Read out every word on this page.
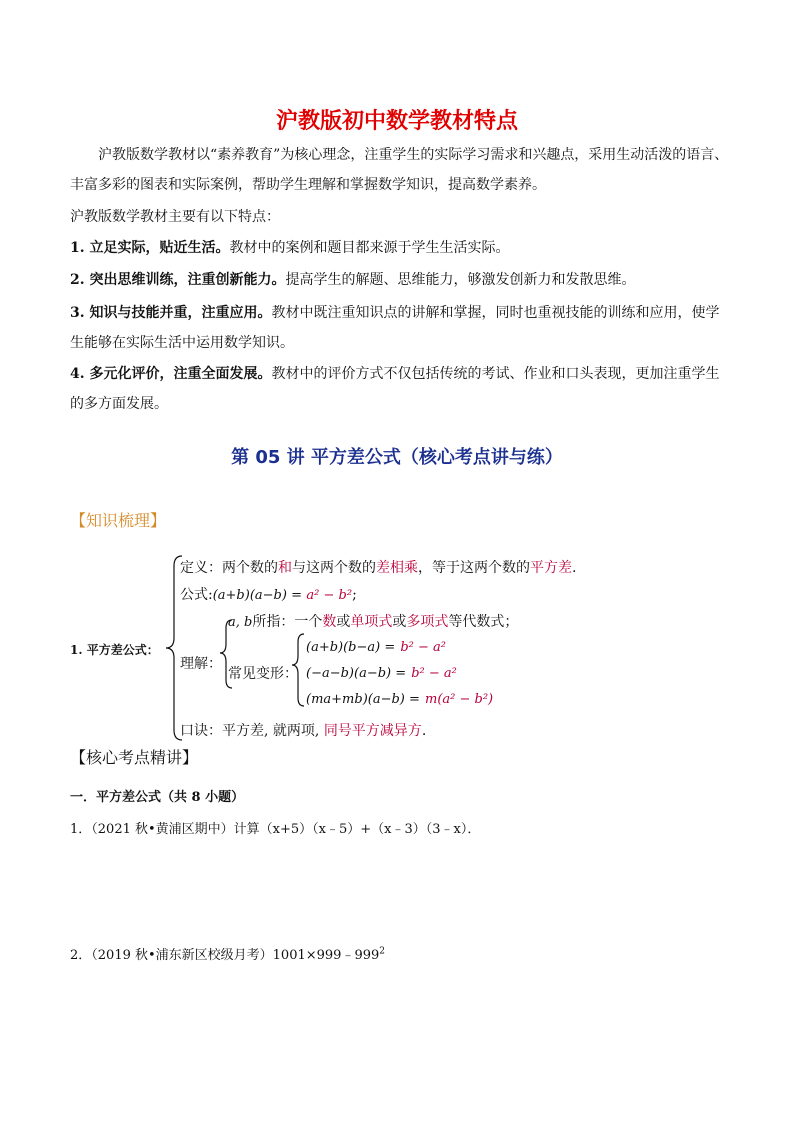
沪教版初中数学教材特点
沪教版数学教材以“素养教育”为核心理念，注重学生的实际学习需求和兴趣点，采用生动活泼的语言、
丰富多彩的图表和实际案例，帮助学生理解和掌握数学知识，提高数学素养。
沪教版数学教材主要有以下特点：
1. 立足实际，贴近生活。教材中的案例和题目都来源于学生生活实际。
2. 突出思维训练，注重创新能力。提高学生的解题、思维能力，够激发创新力和发散思维。
3. 知识与技能并重，注重应用。教材中既注重知识点的讲解和掌握，同时也重视技能的训练和应用，使学
生能够在实际生活中运用数学知识。
4. 多元化评价，注重全面发展。教材中的评价方式不仅包括传统的考试、作业和口头表现，更加注重学生
的多方面发展。
第 05 讲 平方差公式（核心考点讲与练）
【知识梳理】
1. 平方差公式：
定义：两个数的和与这两个数的差相乘，等于这两个数的平方差.
公式:(a+b)(a−b) = a² − b²;
理解：
a, b所指：一个数或单项式或多项式等代数式；
常见变形：
(a+b)(b−a) = b² − a²
(−a−b)(a−b) = b² − a²
(ma+mb)(a−b) = m(a² − b²)
口诀：平方差, 就两项, 同号平方减异方.
【核心考点精讲】
一．平方差公式（共 8 小题）
1．（2021 秋•黄浦区期中）计算（x+5）（x﹣5）+（x﹣3）（3﹣x）．
2．（2019 秋•浦东新区校级月考）$1001\times 999﹣999^2$
